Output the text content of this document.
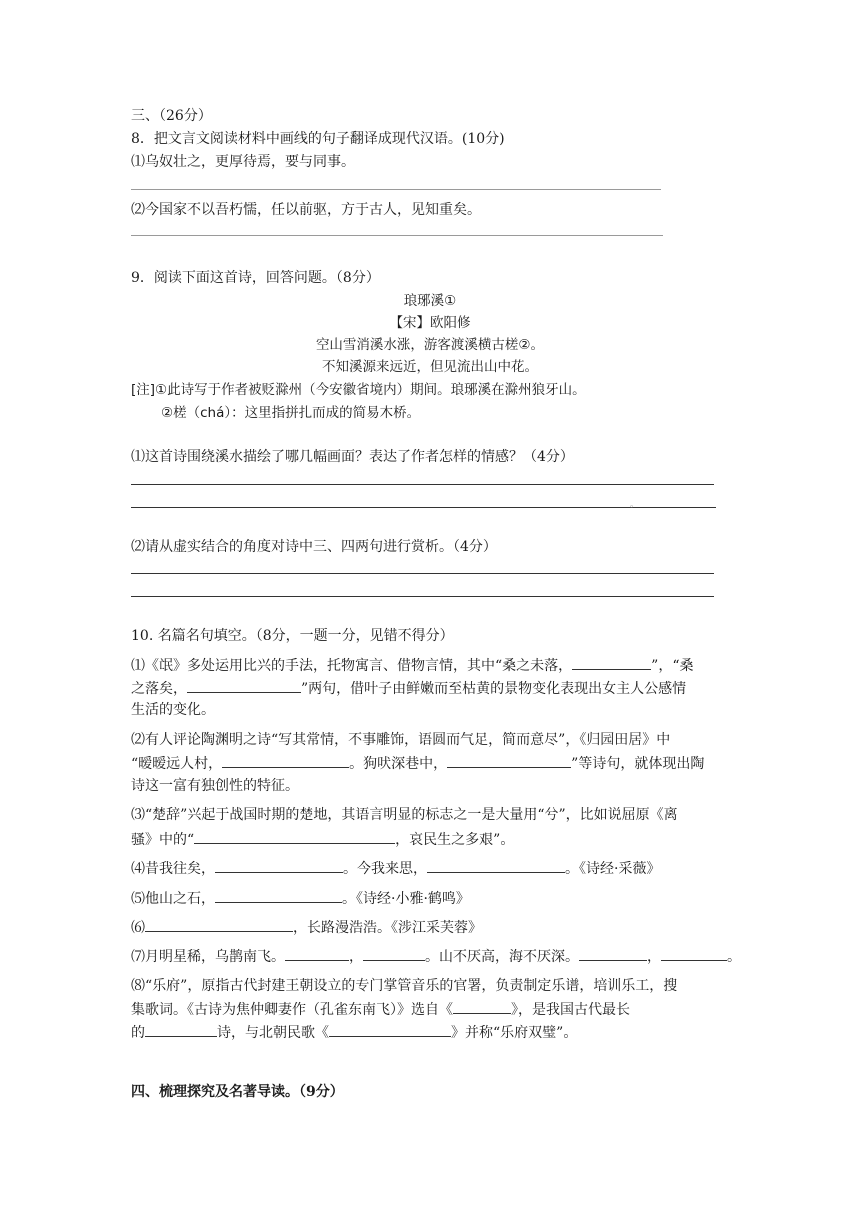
三、（26分）
8．把文言文阅读材料中画线的句子翻译成现代汉语。(10分)
⑴乌奴壮之，更厚待焉，要与同事。
⑵今国家不以吾朽懦，任以前驱，方于古人，见知重矣。
9．阅读下面这首诗，回答问题。（8分）
琅琊溪①
【宋】欧阳修
空山雪消溪水涨，游客渡溪横古槎②。
不知溪源来远近，但见流出山中花。
[注]①此诗写于作者被贬滁州（今安徽省境内）期间。琅琊溪在滁州狼牙山。
②槎（chá）：这里指拼扎而成的简易木桥。
⑴这首诗围绕溪水描绘了哪几幅画面？表达了作者怎样的情感？（4分）
。
⑵请从虚实结合的角度对诗中三、四两句进行赏析。（4分）
10. 名篇名句填空。（8分，一题一分，见错不得分）
⑴《氓》多处运用比兴的手法，托物寓言、借物言情，其中“桑之未落，	”，“桑
之落矣，	”两句，借叶子由鲜嫩而至枯黄的景物变化表现出女主人公感情
生活的变化。
⑵有人评论陶渊明之诗“写其常情，不事雕饰，语圆而气足，简而意尽”，《归园田居》中
“暧暧远人村，	。狗吠深巷中，	”等诗句，就体现出陶
诗这一富有独创性的特征。
⑶“楚辞”兴起于战国时期的楚地，其语言明显的标志之一是大量用“兮”，比如说屈原《离
骚》中的“	，哀民生之多艰”。
⑷昔我往矣，	。今我来思，	。《诗经·采薇》
⑸他山之石，	。《诗经·小雅·鹤鸣》
⑹	，长路漫浩浩。《涉江采芙蓉》
⑺月明星稀，乌鹊南飞。	，	。山不厌高，海不厌深。	，	。
⑻“乐府”，原指古代封建王朝设立的专门掌管音乐的官署，负责制定乐谱，培训乐工，搜
集歌词。《古诗为焦仲卿妻作（孔雀东南飞）》选自《	》，是我国古代最长
的	诗，与北朝民歌《	》并称“乐府双璧”。
四、梳理探究及名著导读。（9分）
